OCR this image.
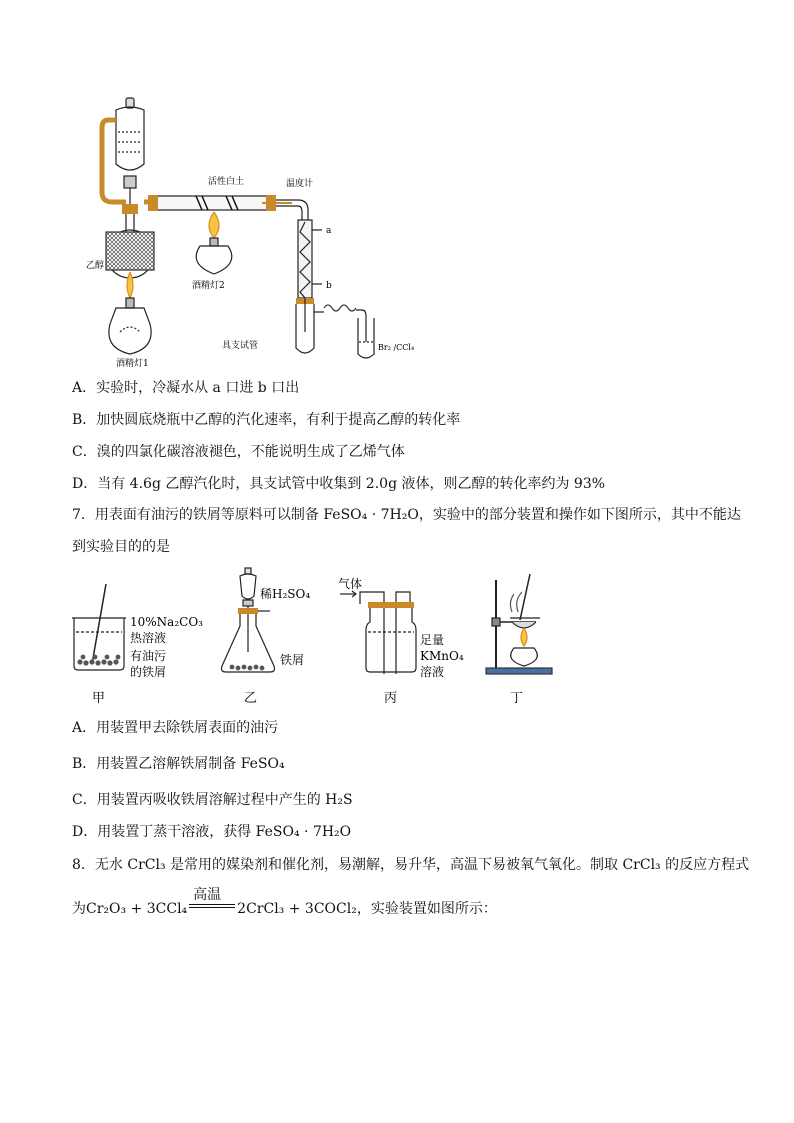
活性白土	温度计
a
b
乙醇
酒精灯2
酒精灯1
具支试管	Br₂ /CCl₄
A．实验时，冷凝水从 a 口进 b 口出
B．加快圆底烧瓶中乙醇的汽化速率，有利于提高乙醇的转化率
C．溴的四氯化碳溶液褪色，不能说明生成了乙烯气体
D．当有 4.6g 乙醇汽化时，具支试管中收集到 2.0g 液体，则乙醇的转化率约为 93%
7．用表面有油污的铁屑等原料可以制备 FeSO₄ · 7H₂O，实验中的部分装置和操作如下图所示，其中不能达
到实验目的的是
10%Na₂CO₃
热溶液
有油污
的铁屑
甲
稀H₂SO₄
铁屑
乙
气体
足量
KMnO₄
溶液
丙	丁
A．用装置甲去除铁屑表面的油污
B．用装置乙溶解铁屑制备 FeSO₄
C．用装置丙吸收铁屑溶解过程中产生的 H₂S
D．用装置丁蒸干溶液，获得 FeSO₄ · 7H₂O
8．无水 CrCl₃ 是常用的媒染剂和催化剂，易潮解，易升华，高温下易被氧气氧化。制取 CrCl₃ 的反应方程式
为Cr₂O₃ + 3CCl₄
高温
2CrCl₃ + 3COCl₂，实验装置如图所示：
